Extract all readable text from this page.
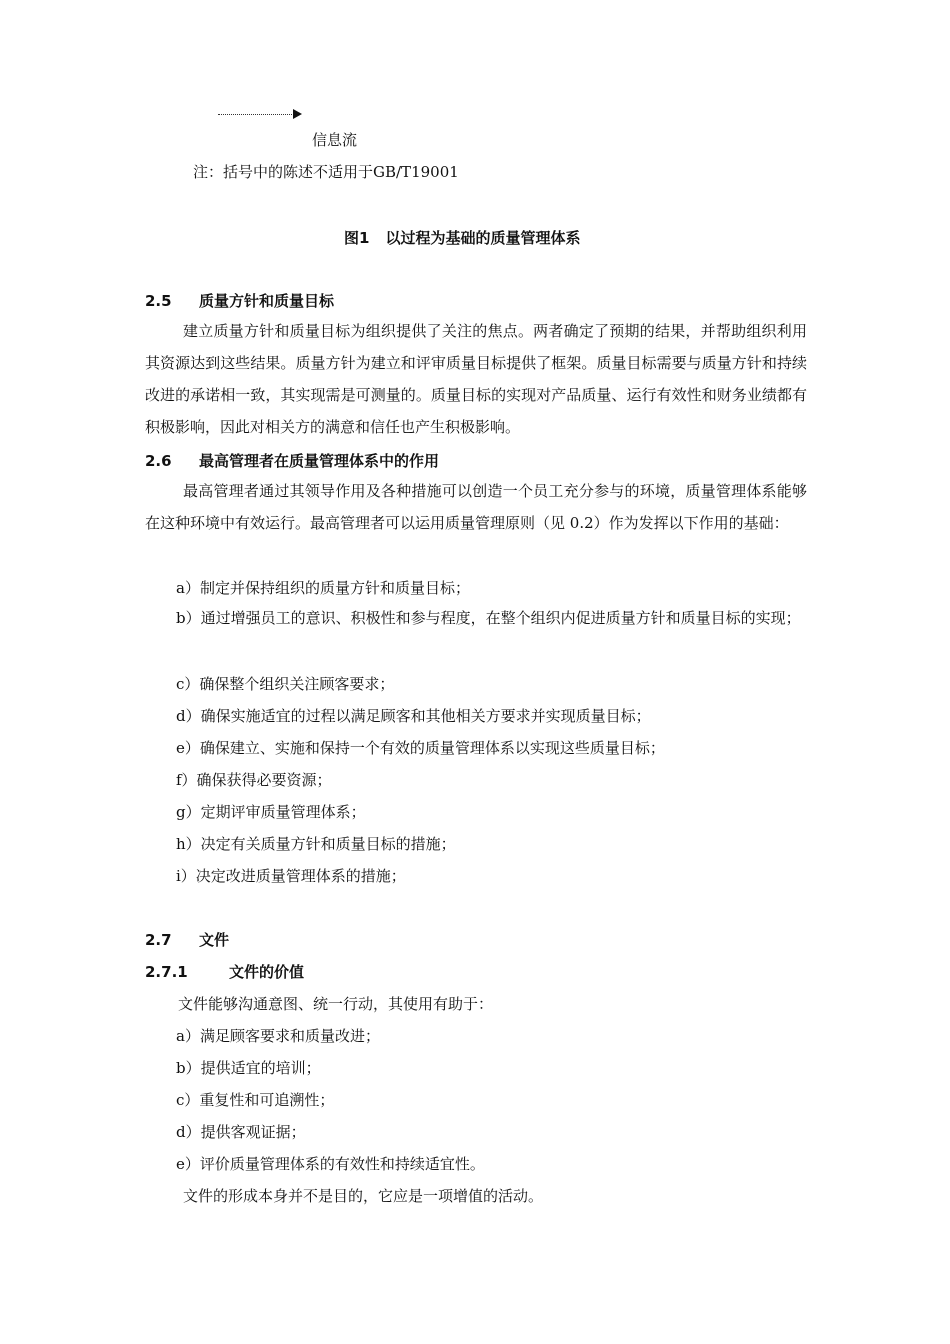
信息流
注：括号中的陈述不适用于GB/T19001
图1 以过程为基础的质量管理体系
2.5 质量方针和质量目标
建立质量方针和质量目标为组织提供了关注的焦点。两者确定了预期的结果，并帮助组织利用其资源达到这些结果。质量方针为建立和评审质量目标提供了框架。质量目标需要与质量方针和持续改进的承诺相一致，其实现需是可测量的。质量目标的实现对产品质量、运行有效性和财务业绩都有积极影响，因此对相关方的满意和信任也产生积极影响。
2.6 最高管理者在质量管理体系中的作用
最高管理者通过其领导作用及各种措施可以创造一个员工充分参与的环境，质量管理体系能够在这种环境中有效运行。最高管理者可以运用质量管理原则（见 0.2）作为发挥以下作用的基础：
a）制定并保持组织的质量方针和质量目标；
b）通过增强员工的意识、积极性和参与程度，在整个组织内促进质量方针和质量目标的实现；
c）确保整个组织关注顾客要求；
d）确保实施适宜的过程以满足顾客和其他相关方要求并实现质量目标；
e）确保建立、实施和保持一个有效的质量管理体系以实现这些质量目标；
f）确保获得必要资源；
g）定期评审质量管理体系；
h）决定有关质量方针和质量目标的措施；
i）决定改进质量管理体系的措施；
2.7 文件
2.7.1	文件的价值
文件能够沟通意图、统一行动，其使用有助于：
a）满足顾客要求和质量改进；
b）提供适宜的培训；
c）重复性和可追溯性；
d）提供客观证据；
e）评价质量管理体系的有效性和持续适宜性。
文件的形成本身并不是目的，它应是一项增值的活动。
